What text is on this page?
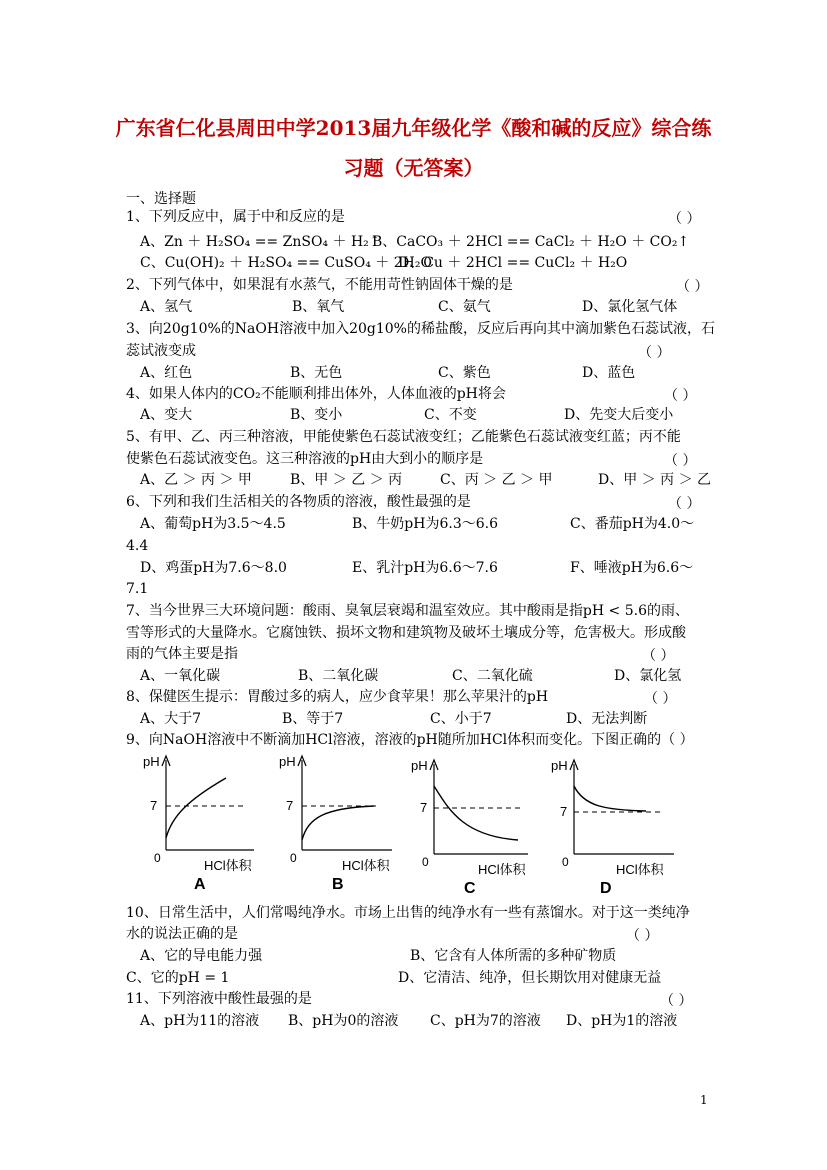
广东省仁化县周田中学2013届九年级化学《酸和碱的反应》综合练
习题（无答案）
一、选择题
1、下列反应中，属于中和反应的是	（ ）
A、Zn ＋ H₂SO₄ == ZnSO₄ ＋ H₂↑
B、CaCO₃ ＋ 2HCl == CaCl₂ ＋ H₂O ＋ CO₂↑
C、Cu(OH)₂ ＋ H₂SO₄ == CuSO₄ ＋ 2H₂O
D、Cu ＋ 2HCl == CuCl₂ ＋ H₂O
2、下列气体中，如果混有水蒸气，不能用苛性钠固体干燥的是	（ ）
A、氢气	B、氧气	C、氨气	D、氯化氢气体
3、向20g10%的NaOH溶液中加入20g10%的稀盐酸，反应后再向其中滴加紫色石蕊试液，石
蕊试液变成	（ ）
A、红色	B、无色	C、紫色	D、蓝色
4、如果人体内的CO₂不能顺利排出体外，人体血液的pH将会	（ ）
A、变大	B、变小	C、不变	D、先变大后变小
5、有甲、乙、丙三种溶液，甲能使紫色石蕊试液变红；乙能紫色石蕊试液变红蓝；丙不能
使紫色石蕊试液变色。这三种溶液的pH由大到小的顺序是	（ ）
A、乙 ＞ 丙 ＞ 甲	B、甲 ＞ 乙 ＞ 丙	C、丙 ＞ 乙 ＞ 甲	D、甲 ＞ 丙 ＞ 乙
6、下列和我们生活相关的各物质的溶液，酸性最强的是	（ ）
A、葡萄pH为3.5～4.5	B、牛奶pH为6.3～6.6	C、番茄pH为4.0～
4.4
D、鸡蛋pH为7.6～8.0	E、乳汁pH为6.6～7.6	F、唾液pH为6.6～
7.1
7、当今世界三大环境问题：酸雨、臭氧层衰竭和温室效应。其中酸雨是指pH < 5.6的雨、
雪等形式的大量降水。它腐蚀铁、损坏文物和建筑物及破坏土壤成分等，危害极大。形成酸
雨的气体主要是指	（ ）
A、一氧化碳	B、二氧化碳	C、二氧化硫	D、氯化氢
8、保健医生提示：胃酸过多的病人，应少食苹果！那么苹果汁的pH	（ ）
A、大于7	B、等于7	C、小于7	D、无法判断
9、向NaOH溶液中不断滴加HCl溶液，溶液的pH随所加HCl体积而变化。下图正确的（ ）
pH
7
0	HCl体积
A
pH
7
0	HCl体积
B
pH
7
0	HCl体积
C
pH
7
0	HCl体积
D
10、日常生活中，人们常喝纯净水。市场上出售的纯净水有一些有蒸馏水。对于这一类纯净
水的说法正确的是	（ ）
A、它的导电能力强	B、它含有人体所需的多种矿物质
C、它的pH = 1	D、它清洁、纯净，但长期饮用对健康无益
11、下列溶液中酸性最强的是	（ ）
A、pH为11的溶液 B、pH为0的溶液 C、pH为7的溶液 D、pH为1的溶液
1
